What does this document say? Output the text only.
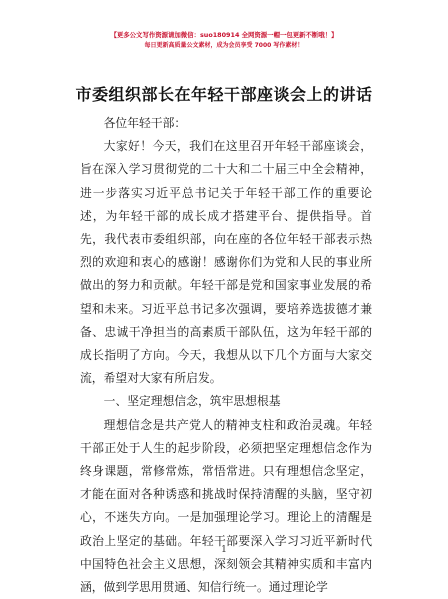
【更多公文写作资源请加微信：suo180914 全网资源一帽一包更新不断哦！】
每日更新高质量公文素材，成为会员享受 7000 写作素材！
市委组织部长在年轻干部座谈会上的讲话

各位年轻干部：

大家好！今天，我们在这里召开年轻干部座谈会，旨在深入学习贯彻党的二十大和二十届三中全会精神，进一步落实习近平总书记关于年轻干部工作的重要论述，为年轻干部的成长成才搭建平台、提供指导。首先，我代表市委组织部，向在座的各位年轻干部表示热烈的欢迎和衷心的感谢！感谢你们为党和人民的事业所做出的努力和贡献。年轻干部是党和国家事业发展的希望和未来。习近平总书记多次强调，要培养选拔德才兼备、忠诚干净担当的高素质干部队伍，这为年轻干部的成长指明了方向。今天，我想从以下几个方面与大家交流，希望对大家有所启发。

一、坚定理想信念，筑牢思想根基

理想信念是共产党人的精神支柱和政治灵魂。年轻干部正处于人生的起步阶段，必须把坚定理想信念作为终身课题，常修常炼，常悟常进。只有理想信念坚定，才能在面对各种诱惑和挑战时保持清醒的头脑，坚守初心，不迷失方向。一是加强理论学习。理论上的清醒是政治上坚定的基础。年轻干部要深入学习习近平新时代中国特色社会主义思想，深刻领会其精神实质和丰富内涵，做到学思用贯通、知信行统一。通过理论学

1
